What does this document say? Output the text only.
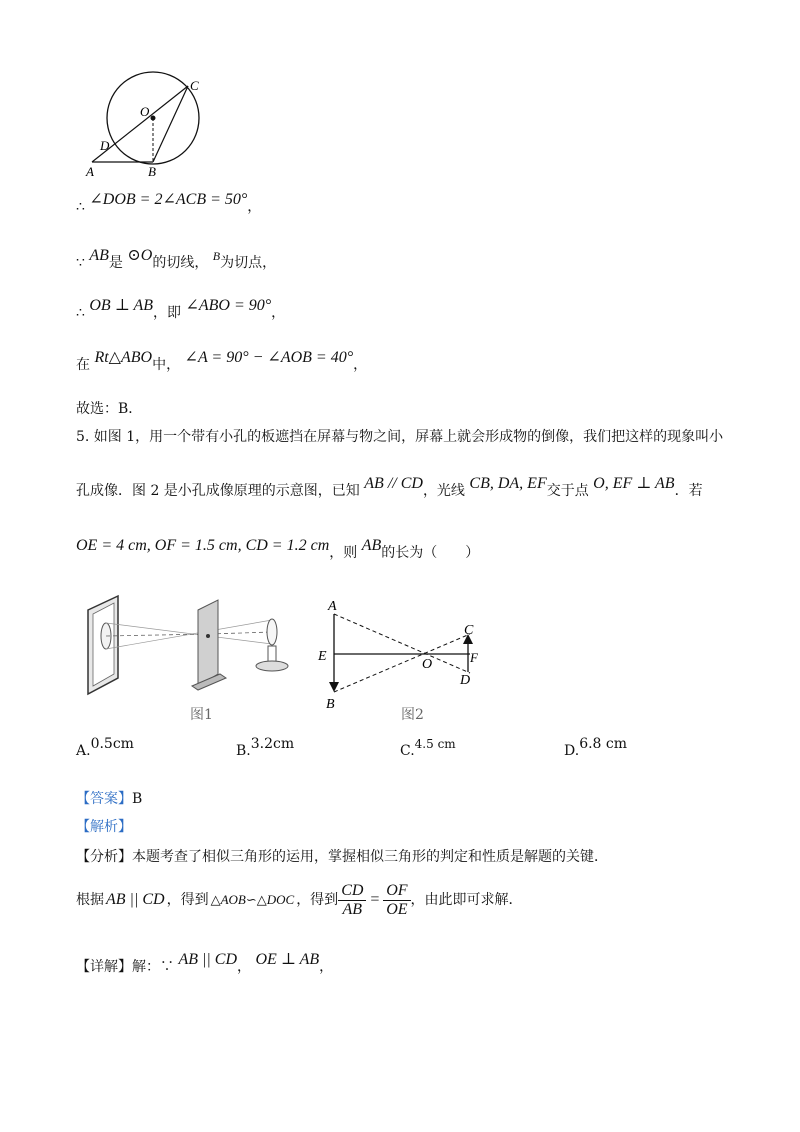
O
C
D
A	B
∴ ∠DOB = 2∠ACB = 50°，
∵ AB是 ⊙O的切线， B为切点，
∴ OB ⊥ AB，即 ∠ABO = 90°，
在 Rt△ABO中， ∠A = 90° − ∠AOB = 40°，
故选：B．
5. 如图 1，用一个带有小孔的板遮挡在屏幕与物之间，屏幕上就会形成物的倒像，我们把这样的现象叫小
孔成像．图 2 是小孔成像原理的示意图，已知 AB // CD，光线 CB, DA, EF交于点 O, EF ⊥ AB．若
OE = 4 cm, OF = 1.5 cm, CD = 1.2 cm，则 AB的长为（　　）
图1
A
E
B
O
C
F
D
图2
A.0.5cm	B.3.2cm	C.4.5 cm	D.6.8 cm
【答案】B
【解析】
【分析】本题考查了相似三角形的运用，掌握相似三角形的判定和性质是解题的关键．
根据 AB || CD ，得到 △AOB∽△DOC ，得到 $\frac{CD}{AB} = \frac{OF}{OE}$ ，由此即可求解．
【详解】解：∵ AB || CD， OE ⊥ AB，
